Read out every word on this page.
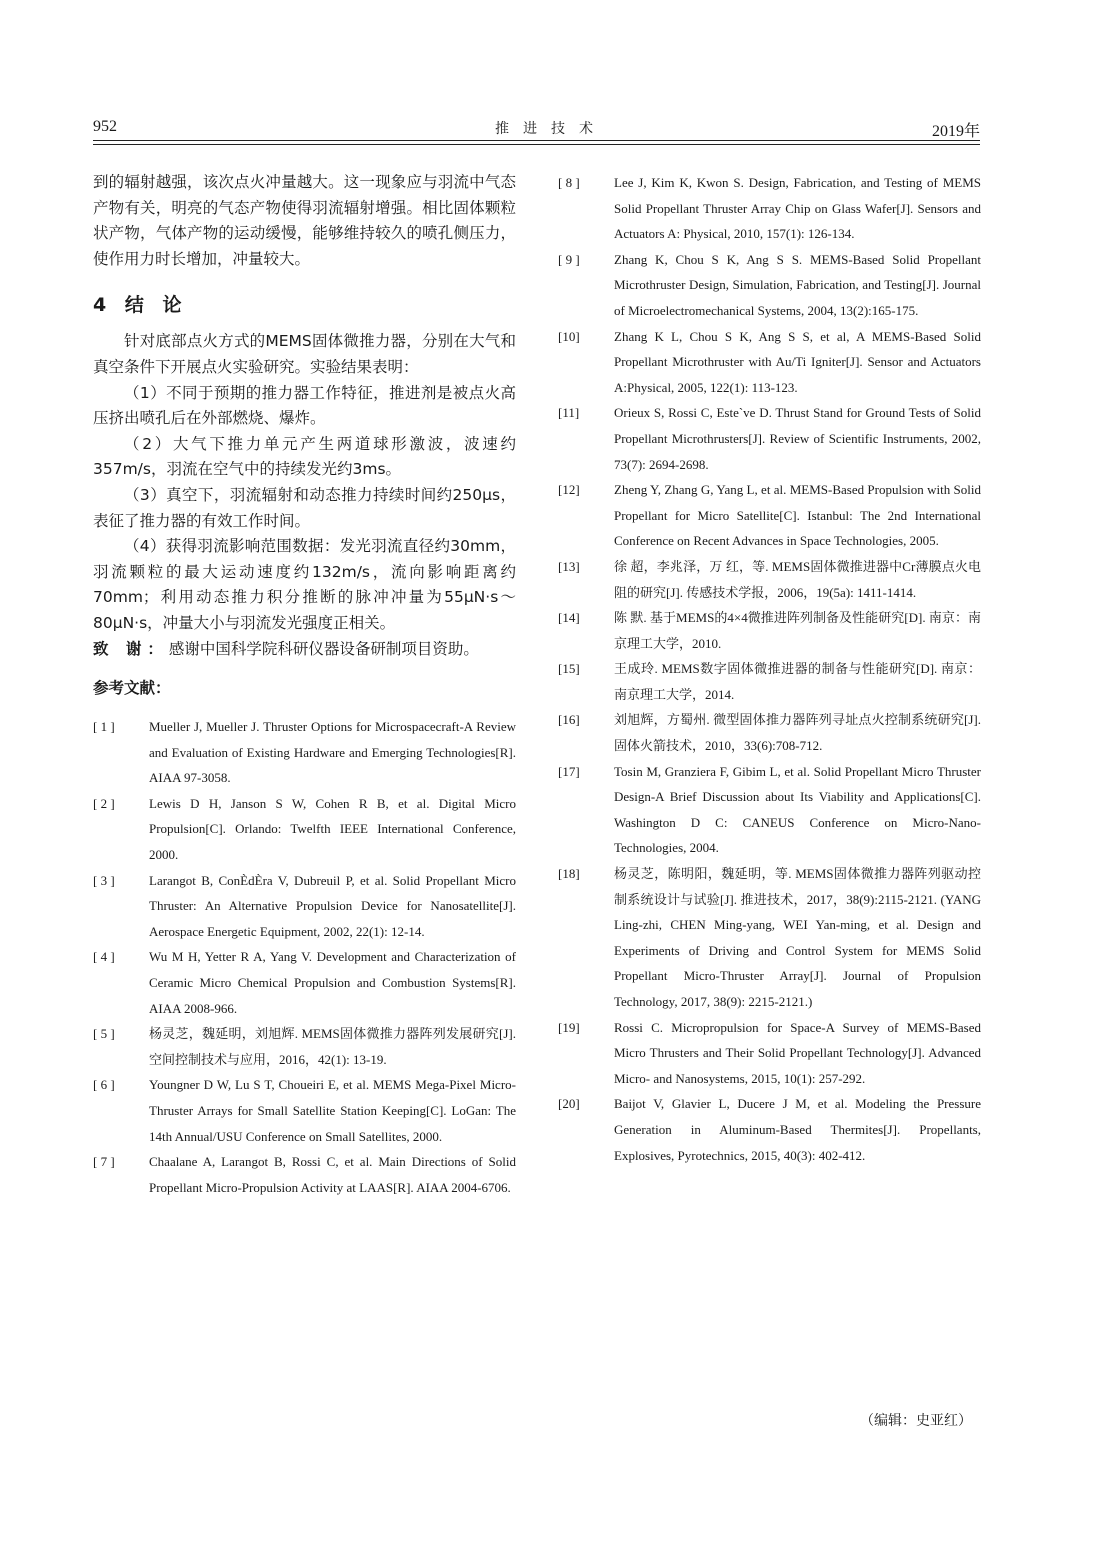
952	推进技术	2019年

到的辐射越强，该次点火冲量越大。这一现象应与羽流中气态产物有关，明亮的气态产物使得羽流辐射增强。相比固体颗粒状产物，气体产物的运动缓慢，能够维持较久的喷孔侧压力，使作用力时长增加，冲量较大。

4 结 论

针对底部点火方式的MEMS固体微推力器，分别在大气和真空条件下开展点火实验研究。实验结果表明：

（1）不同于预期的推力器工作特征，推进剂是被点火高压挤出喷孔后在外部燃烧、爆炸。

（2）大气下推力单元产生两道球形激波，波速约357m/s，羽流在空气中的持续发光约3ms。

（3）真空下，羽流辐射和动态推力持续时间约250μs，表征了推力器的有效工作时间。

（4）获得羽流影响范围数据：发光羽流直径约30mm，羽流颗粒的最大运动速度约132m/s，流向影响距离约70mm；利用动态推力积分推断的脉冲冲量为55μN·s～80μN·s，冲量大小与羽流发光强度正相关。

致 谢：感谢中国科学院科研仪器设备研制项目资助。

参考文献：
[ 1 ]	Mueller J, Mueller J. Thruster Options for Microspacecraft-A Review and Evaluation of Existing Hardware and Emerging Technologies[R]. AIAA 97-3058.
[ 2 ]	Lewis D H, Janson S W, Cohen R B, et al. Digital Micro Propulsion[C]. Orlando: Twelfth IEEE International Conference, 2000.
[ 3 ]	Larangot B, ConÈdÈra V, Dubreuil P, et al. Solid Propellant Micro Thruster: An Alternative Propulsion Device for Nanosatellite[J]. Aerospace Energetic Equipment, 2002, 22(1): 12-14.
[ 4 ]	Wu M H, Yetter R A, Yang V. Development and Characterization of Ceramic Micro Chemical Propulsion and Combustion Systems[R]. AIAA 2008-966.
[ 5 ]	杨灵芝，魏延明，刘旭辉. MEMS固体微推力器阵列发展研究[J]. 空间控制技术与应用，2016，42(1): 13-19.
[ 6 ]	Youngner D W, Lu S T, Choueiri E, et al. MEMS Mega-Pixel Micro-Thruster Arrays for Small Satellite Station Keeping[C]. LoGan: The 14th Annual/USU Conference on Small Satellites, 2000.
[ 7 ]	Chaalane A, Larangot B, Rossi C, et al. Main Directions of Solid Propellant Micro-Propulsion Activity at LAAS[R]. AIAA 2004-6706.
[ 8 ]	Lee J, Kim K, Kwon S. Design, Fabrication, and Testing of MEMS Solid Propellant Thruster Array Chip on Glass Wafer[J]. Sensors and Actuators A: Physical, 2010, 157(1): 126-134.
[ 9 ]	Zhang K, Chou S K, Ang S S. MEMS-Based Solid Propellant Microthruster Design, Simulation, Fabrication, and Testing[J]. Journal of Microelectromechanical Systems, 2004, 13(2):165-175.
[10]	Zhang K L, Chou S K, Ang S S, et al, A MEMS-Based Solid Propellant Microthruster with Au/Ti Igniter[J]. Sensor and Actuators A:Physical, 2005, 122(1): 113-123.
[11]	Orieux S, Rossi C, Este`ve D. Thrust Stand for Ground Tests of Solid Propellant Microthrusters[J]. Review of Scientific Instruments, 2002, 73(7): 2694-2698.
[12]	Zheng Y, Zhang G, Yang L, et al. MEMS-Based Propulsion with Solid Propellant for Micro Satellite[C]. Istanbul: The 2nd International Conference on Recent Advances in Space Technologies, 2005.
[13]	徐 超，李兆泽，万 红，等. MEMS固体微推进器中Cr薄膜点火电阻的研究[J]. 传感技术学报，2006，19(5a): 1411-1414.
[14]	陈 默. 基于MEMS的4×4微推进阵列制备及性能研究[D]. 南京：南京理工大学，2010.
[15]	王成玲. MEMS数字固体微推进器的制备与性能研究[D]. 南京：南京理工大学，2014.
[16]	刘旭辉，方蜀州. 微型固体推力器阵列寻址点火控制系统研究[J]. 固体火箭技术，2010，33(6):708-712.
[17]	Tosin M, Granziera F, Gibim L, et al. Solid Propellant Micro Thruster Design-A Brief Discussion about Its Viability and Applications[C]. Washington D C: CANEUS Conference on Micro-Nano-Technologies, 2004.
[18]	杨灵芝，陈明阳，魏延明，等. MEMS固体微推力器阵列驱动控制系统设计与试验[J]. 推进技术，2017，38(9):2115-2121. (YANG Ling-zhi, CHEN Ming-yang, WEI Yan-ming, et al. Design and Experiments of Driving and Control System for MEMS Solid Propellant Micro-Thruster Array[J]. Journal of Propulsion Technology, 2017, 38(9): 2215-2121.)
[19]	Rossi C. Micropropulsion for Space-A Survey of MEMS-Based Micro Thrusters and Their Solid Propellant Technology[J]. Advanced Micro- and Nanosystems, 2015, 10(1): 257-292.
[20]	Baijot V, Glavier L, Ducere J M, et al. Modeling the Pressure Generation in Aluminum-Based Thermites[J]. Propellants, Explosives, Pyrotechnics, 2015, 40(3): 402-412.
（编辑：史亚红）
